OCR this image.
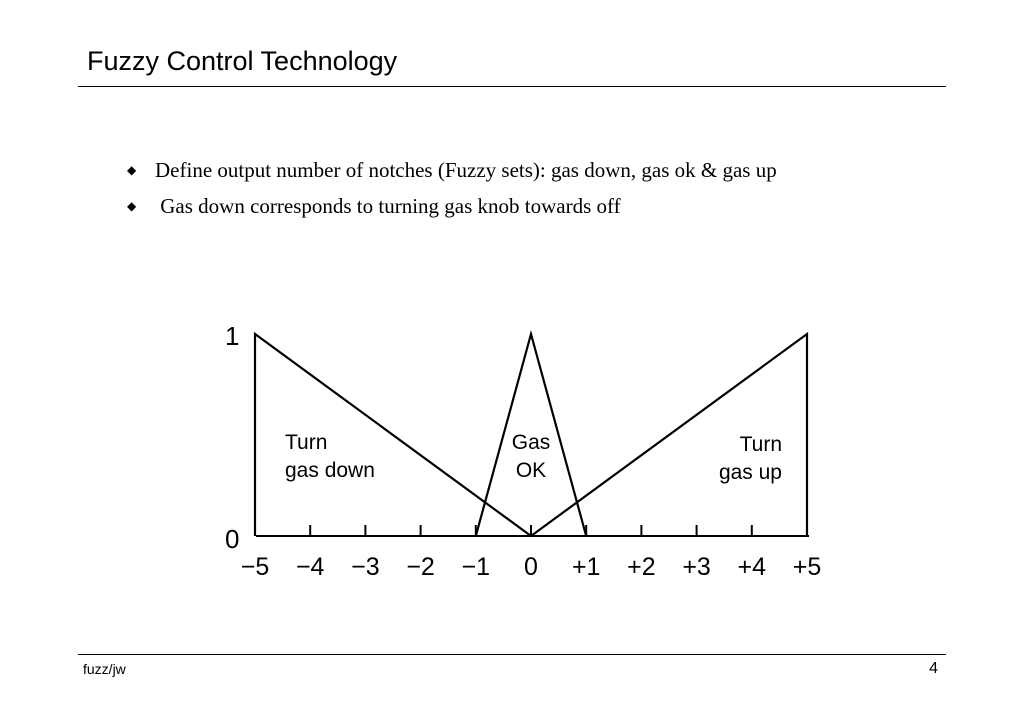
Fuzzy Control Technology
◆ Define output number of notches (Fuzzy sets): gas down, gas ok & gas up
◆ Gas down corresponds to turning gas knob towards off
1
0
−5 −4 −3 −2 −1 0 +1 +2 +3 +4 +5
Turn
gas down
Gas
OK
Turn
gas up
fuzz/jw	4
